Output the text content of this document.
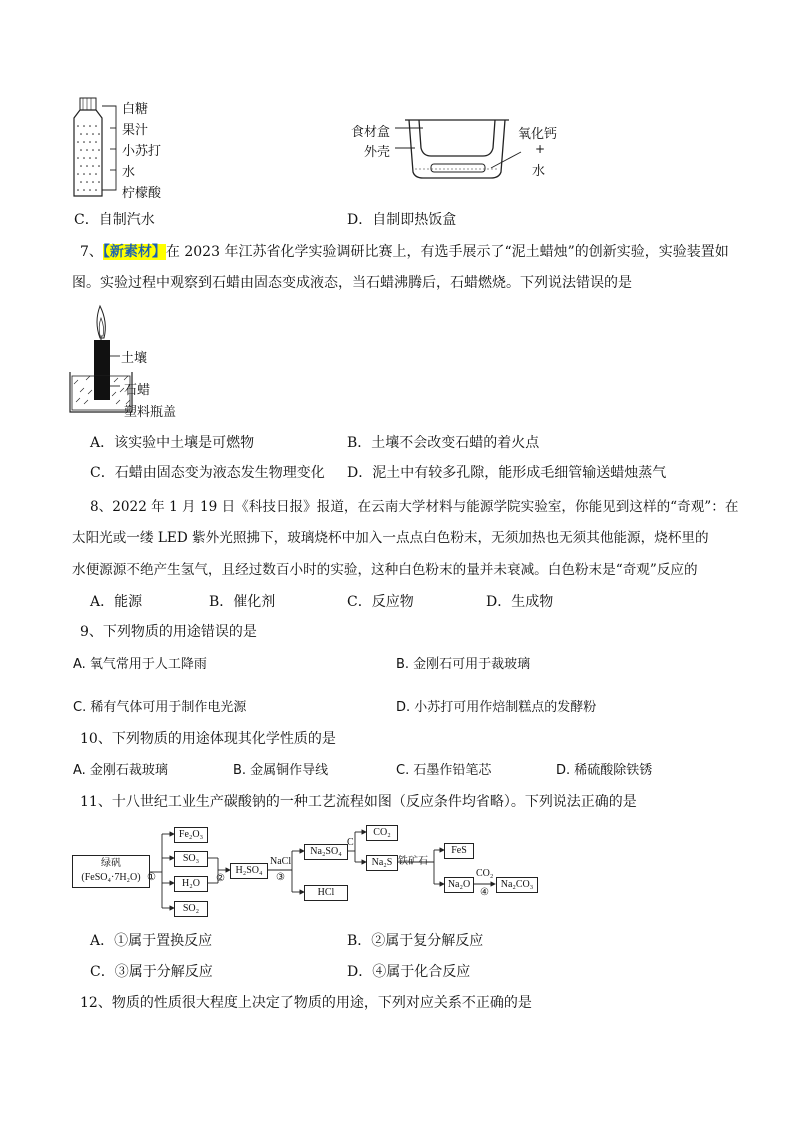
白糖
果汁
小苏打
水
柠檬酸
食材盒
外壳
氧化钙
+
水
C．自制汽水	D．自制即热饭盒
7、【新素材】在 2023 年江苏省化学实验调研比赛上，有选手展示了“泥土蜡烛”的创新实验，实验装置如
图。实验过程中观察到石蜡由固态变成液态，当石蜡沸腾后，石蜡燃烧。下列说法错误的是
土壤
石蜡
塑料瓶盖
A．该实验中土壤是可燃物	B．土壤不会改变石蜡的着火点
C．石蜡由固态变为液态发生物理变化 D．泥土中有较多孔隙，能形成毛细管输送蜡烛蒸气
8、2022 年 1 月 19 日《科技日报》报道，在云南大学材料与能源学院实验室，你能见到这样的“奇观”：在
太阳光或一缕 LED 紫外光照拂下，玻璃烧杯中加入一点点白色粉末，无须加热也无须其他能源，烧杯里的
水便源源不绝产生氢气，且经过数百小时的实验，这种白色粉末的量并未衰减。白色粉末是“奇观”反应的
A．能源	B．催化剂	C．反应物	D．生成物
9、下列物质的用途错误的是
A. 氧气常用于人工降雨	B. 金刚石可用于裁玻璃
C. 稀有气体可用于制作电光源	D. 小苏打可用作焙制糕点的发酵粉
10、下列物质的用途体现其化学性质的是
A. 金刚石裁玻璃	B. 金属铜作导线	C. 石墨作铅笔芯	D. 稀硫酸除铁锈
11、十八世纪工业生产碳酸钠的一种工艺流程如图（反应条件均省略）。下列说法正确的是
绿矾
(FeSO₄·7H₂O) ①
Fe₂O₃
SO₃
H₂O
SO₂
②
H₂SO₄
NaCl
③
Na₂SO₄
HCl
C
CO₂
Na₂S 铁矿石
FeS
Na₂O
CO₂
④
Na₂CO₃
A．①属于置换反应	B．②属于复分解反应
C．③属于分解反应	D．④属于化合反应
12、物质的性质很大程度上决定了物质的用途，下列对应关系不正确的是
